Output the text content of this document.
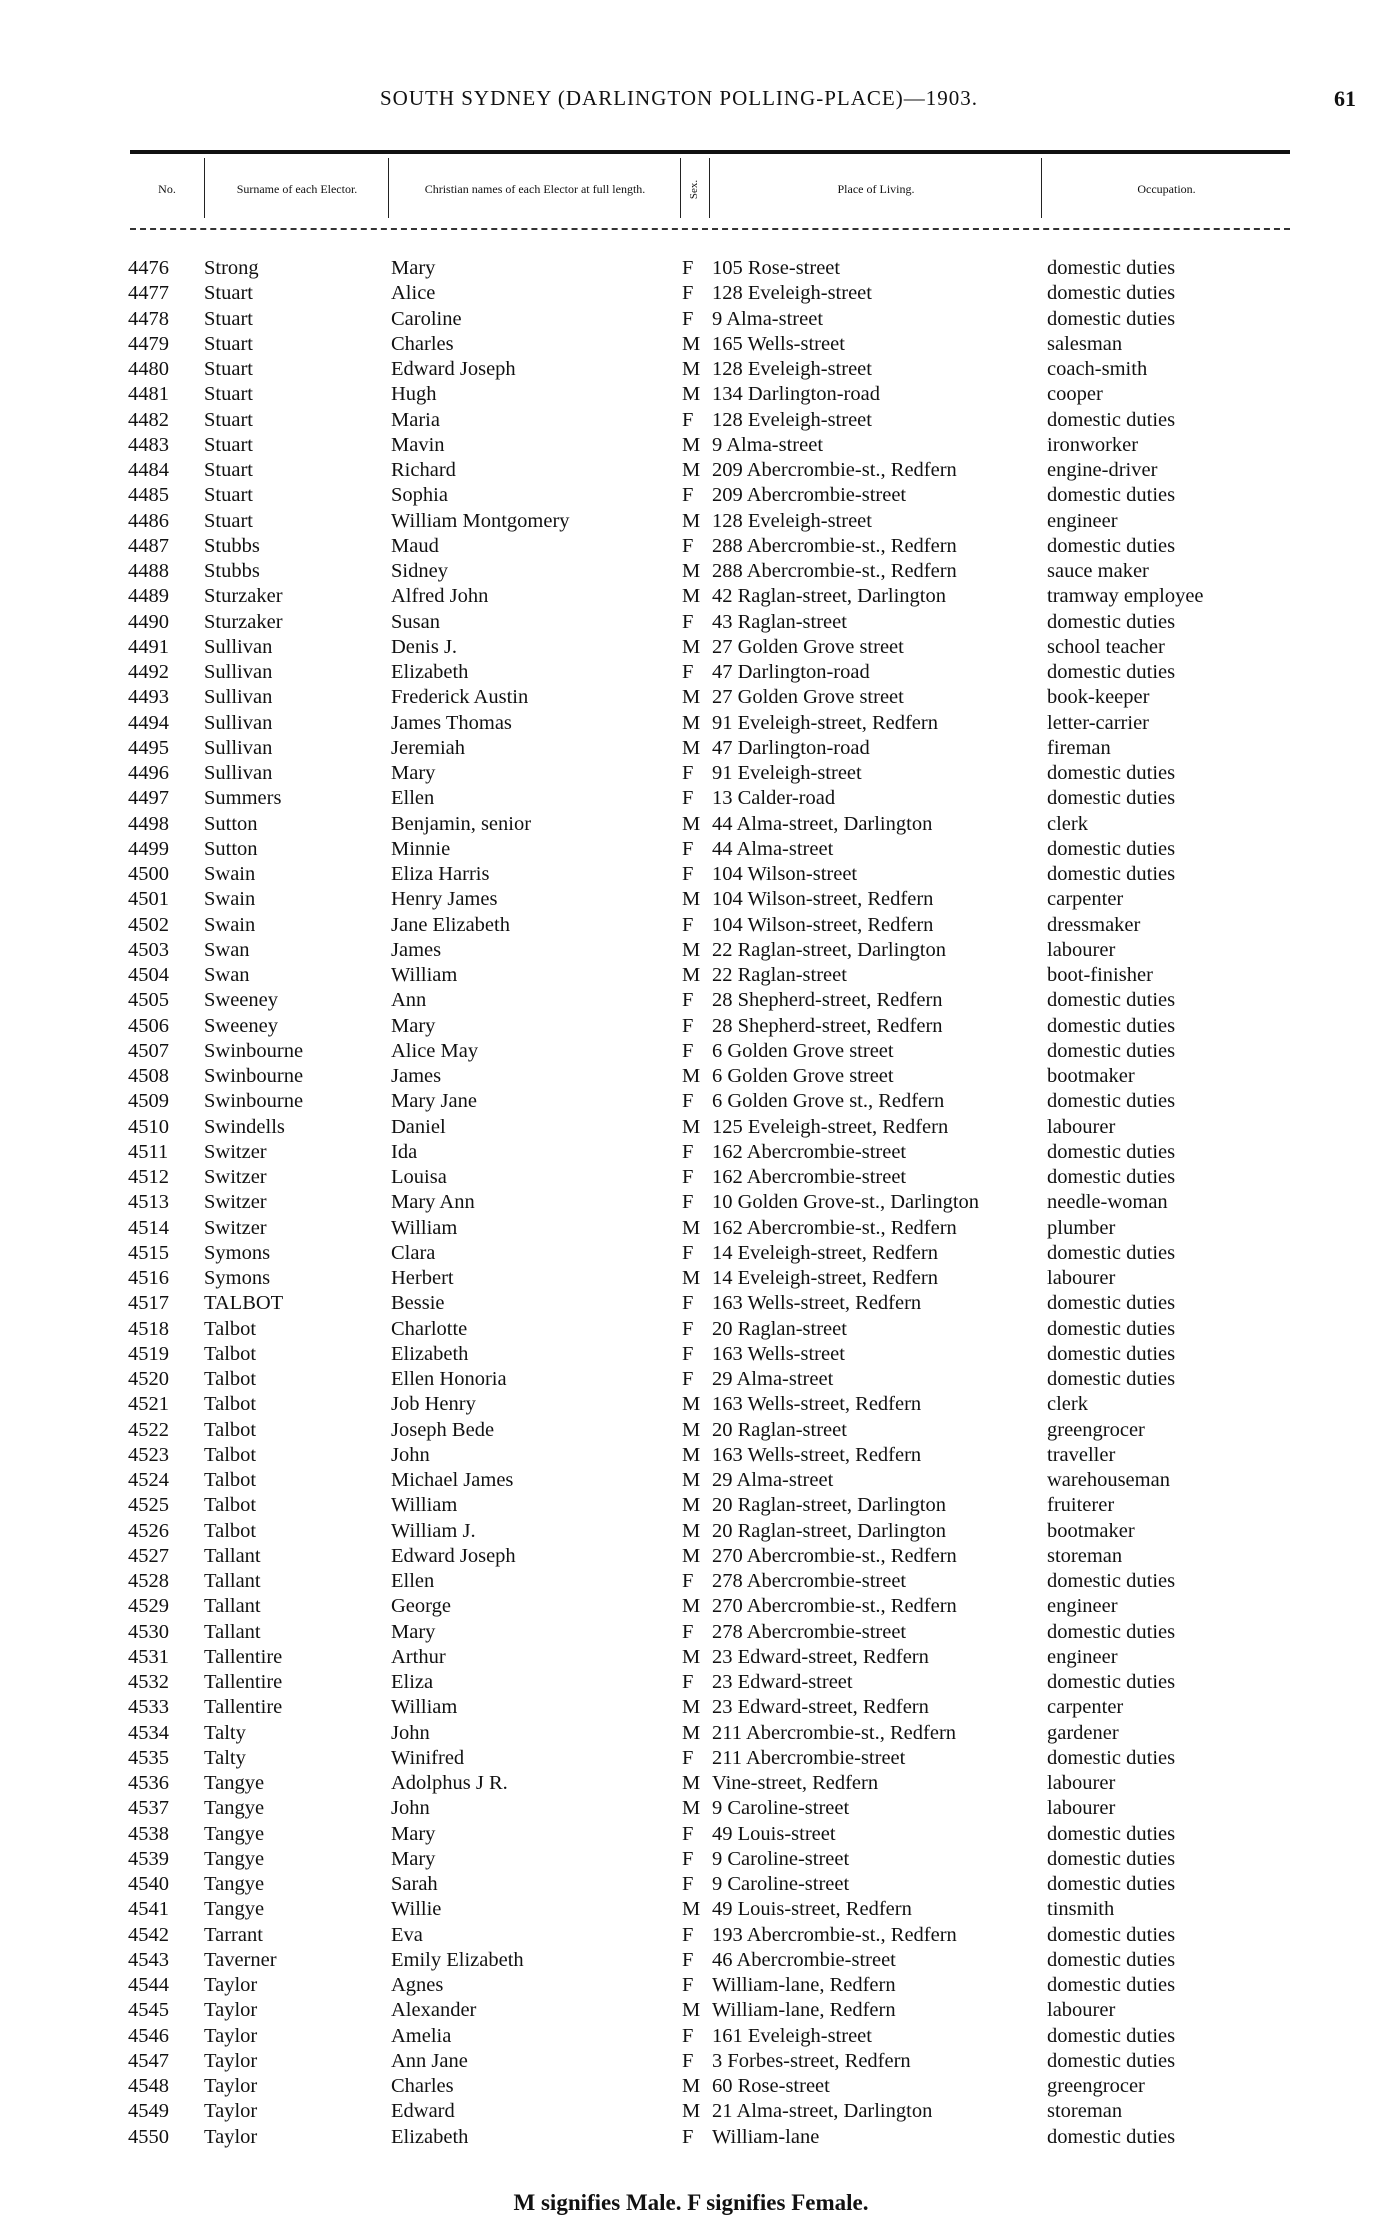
SOUTH SYDNEY (DARLINGTON POLLING-PLACE)—1903.	61
No.	Surname of each Elector.	Christian names of each Elector at full length.	Sex.	Place of Living.	Occupation.
4476 Strong	Mary	F 105 Rose-street	domestic duties
4477 Stuart	Alice	F 128 Eveleigh-street	domestic duties
4478 Stuart	Caroline	F 9 Alma-street	domestic duties
4479 Stuart	Charles	M 165 Wells-street	salesman
4480 Stuart	Edward Joseph	M 128 Eveleigh-street	coach-smith
4481 Stuart	Hugh	M 134 Darlington-road	cooper
4482 Stuart	Maria	F 128 Eveleigh-street	domestic duties
4483 Stuart	Mavin	M 9 Alma-street	ironworker
4484 Stuart	Richard	M 209 Abercrombie-st., Redfern	engine-driver
4485 Stuart	Sophia	F 209 Abercrombie-street	domestic duties
4486 Stuart	William Montgomery	M 128 Eveleigh-street	engineer
4487 Stubbs	Maud	F 288 Abercrombie-st., Redfern	domestic duties
4488 Stubbs	Sidney	M 288 Abercrombie-st., Redfern	sauce maker
4489 Sturzaker	Alfred John	M 42 Raglan-street, Darlington	tramway employee
4490 Sturzaker	Susan	F 43 Raglan-street	domestic duties
4491 Sullivan	Denis J.	M 27 Golden Grove street	school teacher
4492 Sullivan	Elizabeth	F 47 Darlington-road	domestic duties
4493 Sullivan	Frederick Austin	M 27 Golden Grove street	book-keeper
4494 Sullivan	James Thomas	M 91 Eveleigh-street, Redfern	letter-carrier
4495 Sullivan	Jeremiah	M 47 Darlington-road	fireman
4496 Sullivan	Mary	F 91 Eveleigh-street	domestic duties
4497 Summers	Ellen	F 13 Calder-road	domestic duties
4498 Sutton	Benjamin, senior	M 44 Alma-street, Darlington	clerk
4499 Sutton	Minnie	F 44 Alma-street	domestic duties
4500 Swain	Eliza Harris	F 104 Wilson-street	domestic duties
4501 Swain	Henry James	M 104 Wilson-street, Redfern	carpenter
4502 Swain	Jane Elizabeth	F 104 Wilson-street, Redfern	dressmaker
4503 Swan	James	M 22 Raglan-street, Darlington	labourer
4504 Swan	William	M 22 Raglan-street	boot-finisher
4505 Sweeney	Ann	F 28 Shepherd-street, Redfern	domestic duties
4506 Sweeney	Mary	F 28 Shepherd-street, Redfern	domestic duties
4507 Swinbourne	Alice May	F 6 Golden Grove street	domestic duties
4508 Swinbourne	James	M 6 Golden Grove street	bootmaker
4509 Swinbourne	Mary Jane	F 6 Golden Grove st., Redfern	domestic duties
4510 Swindells	Daniel	M 125 Eveleigh-street, Redfern	labourer
4511 Switzer	Ida	F 162 Abercrombie-street	domestic duties
4512 Switzer	Louisa	F 162 Abercrombie-street	domestic duties
4513 Switzer	Mary Ann	F 10 Golden Grove-st., Darlington	needle-woman
4514 Switzer	William	M 162 Abercrombie-st., Redfern	plumber
4515 Symons	Clara	F 14 Eveleigh-street, Redfern	domestic duties
4516 Symons	Herbert	M 14 Eveleigh-street, Redfern	labourer
4517 TALBOT	Bessie	F 163 Wells-street, Redfern	domestic duties
4518 Talbot	Charlotte	F 20 Raglan-street	domestic duties
4519 Talbot	Elizabeth	F 163 Wells-street	domestic duties
4520 Talbot	Ellen Honoria	F 29 Alma-street	domestic duties
4521 Talbot	Job Henry	M 163 Wells-street, Redfern	clerk
4522 Talbot	Joseph Bede	M 20 Raglan-street	greengrocer
4523 Talbot	John	M 163 Wells-street, Redfern	traveller
4524 Talbot	Michael James	M 29 Alma-street	warehouseman
4525 Talbot	William	M 20 Raglan-street, Darlington	fruiterer
4526 Talbot	William J.	M 20 Raglan-street, Darlington	bootmaker
4527 Tallant	Edward Joseph	M 270 Abercrombie-st., Redfern	storeman
4528 Tallant	Ellen	F 278 Abercrombie-street	domestic duties
4529 Tallant	George	M 270 Abercrombie-st., Redfern	engineer
4530 Tallant	Mary	F 278 Abercrombie-street	domestic duties
4531 Tallentire	Arthur	M 23 Edward-street, Redfern	engineer
4532 Tallentire	Eliza	F 23 Edward-street	domestic duties
4533 Tallentire	William	M 23 Edward-street, Redfern	carpenter
4534 Talty	John	M 211 Abercrombie-st., Redfern	gardener
4535 Talty	Winifred	F 211 Abercrombie-street	domestic duties
4536 Tangye	Adolphus J R.	M Vine-street, Redfern	labourer
4537 Tangye	John	M 9 Caroline-street	labourer
4538 Tangye	Mary	F 49 Louis-street	domestic duties
4539 Tangye	Mary	F 9 Caroline-street	domestic duties
4540 Tangye	Sarah	F 9 Caroline-street	domestic duties
4541 Tangye	Willie	M 49 Louis-street, Redfern	tinsmith
4542 Tarrant	Eva	F 193 Abercrombie-st., Redfern	domestic duties
4543 Taverner	Emily Elizabeth	F 46 Abercrombie-street	domestic duties
4544 Taylor	Agnes	F William-lane, Redfern	domestic duties
4545 Taylor	Alexander	M William-lane, Redfern	labourer
4546 Taylor	Amelia	F 161 Eveleigh-street	domestic duties
4547 Taylor	Ann Jane	F 3 Forbes-street, Redfern	domestic duties
4548 Taylor	Charles	M 60 Rose-street	greengrocer
4549 Taylor	Edward	M 21 Alma-street, Darlington	storeman
4550 Taylor	Elizabeth	F William-lane	domestic duties
M signifies Male. F signifies Female.
